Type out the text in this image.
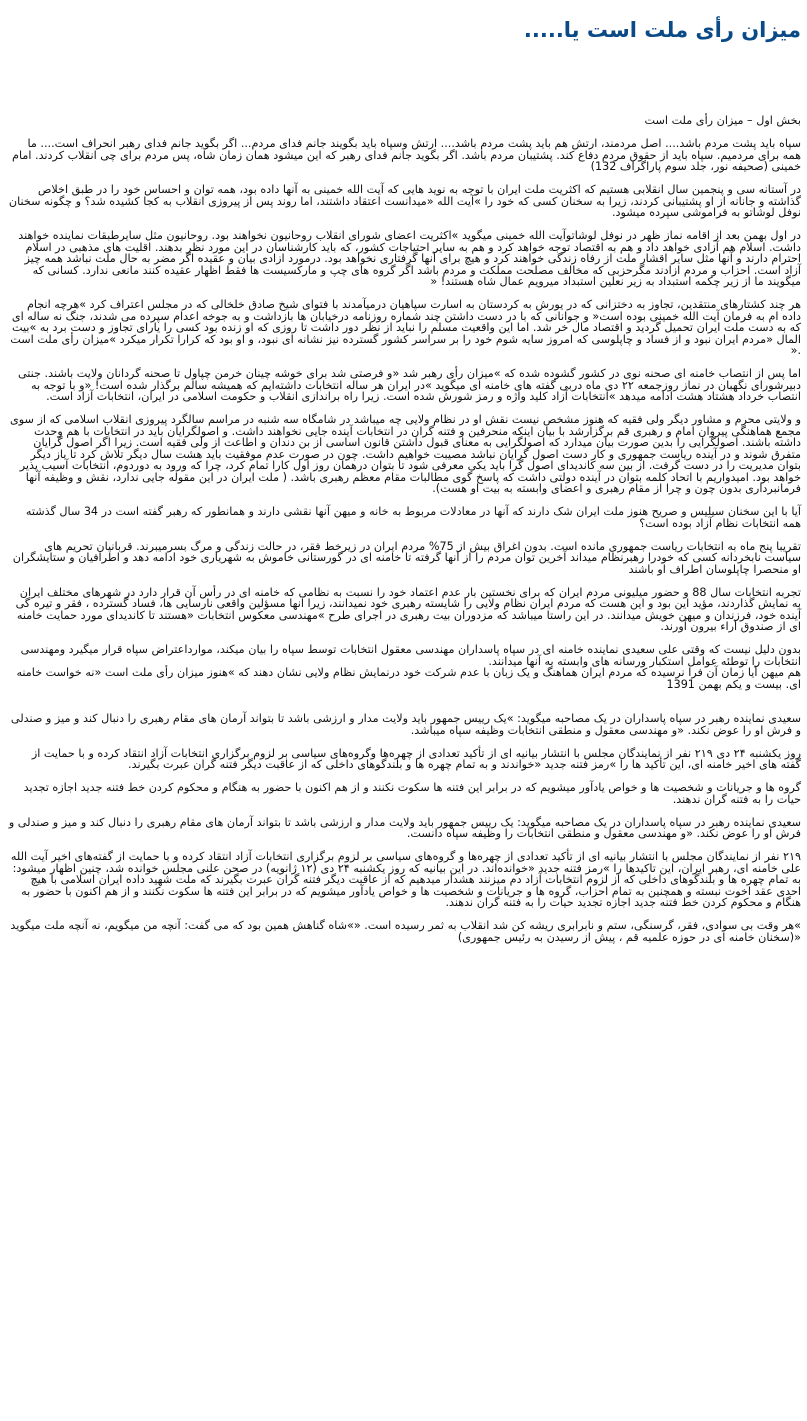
میزان رأی ملت است یا.....

بخش اول – میزان رأی ملت است

سپاه باید پشت مردم باشد.... اصل مردمند، ارتش هم باید پشت مردم باشد.... ارتش وسپاه باید بگویند جانم فدای مردم... اگر بگوید جانم فدای رهبر انحراف است.... ما همه برای مردمیم. سپاه باید از حقوق مردم دفاع کند. پشتیبان مردم باشد. اگر بگوید جانم فدای رهبر که این میشود همان زمان شاه، پس مردم برای چی انقلاب کردند. امام خمینی (صحیفه نور، جلد سوم پاراگراف 132)

در آستانه سی و پنجمین سال انقلابی هستیم که اکثریت ملت ایران با توجه به نوید هایی که آیت الله خمینی به آنها داده بود، همه توان و احساس خود را در طبق اخلاص گذاشته و جانانه از او پشتیبانی کردند، زیرا به سخنان کسی که خود را »آیت الله «میدانست اعتقاد داشتند، اما روند پس از پیروزی انقلاب به کجا کشیده شد؟ و چگونه سخنان نوفل لوشاتو به فراموشی سپرده میشود.

در اول بهمن بعد از اقامه نماز ظهر در نوفل لوشاتوآیت الله خمینی میگوید »اکثریت اعضای شورای انقلاب روحانیون نخواهند بود. روحانیون مثل سایرطبقات نماینده خواهند داشت. اسلام هم آزادی خواهد داد و هم به اقتصاد توجه خواهد کرد و هم به سایر احتیاجات کشور، که باید کارشناسان در این مورد نظر بدهند. اقلیت های مذهبی در اسلام احترام دارند و آنها مثل سایر اقشار ملت از رفاه زندگی خواهند کرد و هیچ برای آنها گرفتاری نخواهد بود. درمورد ازادی بیان و عقیده اگر مضر به حال ملت نباشد همه چیز آزاد است. احزاب و مردم ازادند مگرحزبی که مخالف مصلحت مملکت و مردم باشد اگر گروه های چپ و مارکسیست ها فقط اظهار عقیده کنند مانعی ندارد. کسانی که میگویند ما از زیر چکمه استبداد به زیر نعلین استبداد میرویم عمال شاه هستند! «

هر چند کشتارهای منتقدین، تجاوز به دختزانی که در یورش به کردستان به اسارت سپاهیان درمیآمدند با فتوای شیخ صادق خلخالی که در مجلس اعتراف کرد »هرچه انجام داده ام به فرمان آیت الله خمینی بوده است« و جوانانی که با در دست داشتن چند شماره روزنامه درخیابان ها بازداشت و به جوخه اعدام سپرده می شدند، جنگ نه ساله ای که به دست ملت ایران تحمیل گردید و اقتصاد مال خر شد. اما این واقعیت مسلم را نباید از نظر دور داشت تا روزی که او زنده بود کسی را یارای تجاوز و دست برد به »بیت المال «مردم ایران نبود و از فساد و چاپلوسی که امروز سایه شوم خود را بر سراسر کشور گسترده نیز نشانه ای نبود، و او بود که کرارا تکرار میکرد »میزان رأی ملت است .«

اما پس از انتصاب خامنه ای صحنه نوی در کشور گشوده شده که »میزان رأی رهبر شد «و فرصتی شد برای خوشه چینان خرمن چپاول تا صحنه گردانان ولایت باشند. جنتی دبیرشورای نگهبان در نماز روزجمعه ۲۲ دی ماه دربی گفته های خامنه ای میگوید »در ایران هر ساله انتخابات داشته‌ایم که همیشه سالم برگذار شده است! «و با توجه به انتصاب خرداد هشتاد هشت ادامه میدهد »انتخابات آزاد کلید واژه و رمز شورش شده است. زیرا راه براندازی انقلاب و حکومت اسلامی در ایران، انتخابات آزاد است.

و ولایتی محرم و مشاور دیگر ولی فقیه که هنوز مشخص نیست نقش او در نظام ولایی چه میباشد در شامگاه سه شنبه در مراسم سالگرد پیروزی انقلاب اسلامی که از سوی مجمع هماهنگی پیروان امام و رهبری قم برگزارشد با بیان اینکه منحرفین و فتنه گران در انتخابات آینده جایی نخواهند داشت. و اصولگرایان باید در انتخابات با هم وحدت داشته باشند. اصولگرایی را بدین صورت بیان میدارد که اصولگرایی به معنای قبول داشتن قانون اساسی از بن دندان و اطاعت از ولی فقیه است. زیرا اگر اصول گرایان متفرق شوند و در آینده ریاست جمهوری و کار دست اصول گرایان نباشد مصیبت خواهیم داشت. چون در صورت عدم موفقیت باید هشت سال دیگر تلاش کرد تا باز دیگر بتوان مدیریت را در دست گرفت. از بین سه کاندیدای اصول گرا باید یکی معرفی شود تا بتوان درهمان روز اول کارا تمام کرد، چرا که ورود به دوردوم، انتخابات آسیب پذیر خواهد بود. امیدواریم با اتحاد کلمه بتوان در آینده دولتی داشت که پاسخ گوی مطالبات مقام معظم رهبری باشد. ( ملت ایران در این مقوله جایی ندارد، نقش و وظیفه آنها فرمانبرداری بدون چون و چرا از مقام رهبری و اعضای وابسته به بیت او هست).

آیا با این سخنان سیلیس و صریح هنوز ملت ایران شک دارند که آنها در معادلات مربوط به خانه و میهن آنها نقشی دارند و همانطور که رهبر گفته است در 34 سال گذشته همه انتخابات نظام آزاد بوده است؟

تقریبا پنج ماه به انتخابات ریاست جمهوری مانده است. بدون اغراق بیش از 75% مردم ایران در زیرخط فقر، در حالت زندگی و مرگ بسرمیبرند. قربانیان تحریم های سیاست نابخردانه کسی که خودرا رهبرنظام میداند آخرین توان مردم را از آنها گرفته تا خامنه ای در گورستانی خاموش به شهریاری خود ادامه دهد و اطرافیان و ستایشگران او منحصرا چاپلوسان اطراف او باشند

تجربه انتخابات سال 88 و حضور میلیونی مردم ایران که برای نخستین بار عدم اعتماد خود را نسبت به نظامی که خامنه ای در رأس آن قرار دارد در شهرهای مختلف ایران به نمایش گذاردند، مؤید این بود و این هست که مردم ایران نظام ولایی را شایسته رهبری خود نمیدانند، زیرا آنها مسؤلین واقعی نارسایی ها، فساد گسترده ، فقر و تیره گی آینده خود، فرزندان و میهن خویش میدانند. در این راستا میباشد که مزدوران بیت رهبری در اجرای طرح »مهندسی معکوس انتخابات «هستند تا کاندیدای مورد حمایت خامنه ای از صندوق آراء بیرون آورند.

بدون دلیل نیست که وقتی علی سعیدی نماینده خامنه ای در سپاه پاسداران مهندسی معقول انتخابات توسط سپاه را بیان میکند، موارداعتراض سپاه قرار میگیرد ومهندسی انتخابات را توطئه عوامل استکبار ورسانه های وابسته به آنها میدانند.

هم میهن آیا زمان آن فرا نرسیده که مردم ایران هماهنگ و یک زبان با عدم شرکت خود درنمایش نظام ولایی نشان دهند که »هنوز میزان رأی ملت است «نه خواست خامنه ای. بیست و یکم بهمن 1391

سعیدی نماینده رهبر در سپاه پاسداران در یک مصاحبه میگوید: »یک رییس جمهور باید ولایت مدار و ارزشی باشد تا بتواند آرمان های مقام رهبری را دنبال کند و میز و صندلی و فرش او را عوض نکند. «و مهندسی معقول و منطقی انتخابات وظیفه سپاه میباشد.

روز یکشنبه ۲۴ دی ۲۱۹ نفر از نمایندگان مجلس با انتشار بیانیه ای از تأکید تعدادی از چهره‌ها وگروه‌های سیاسی بر لزوم برگزاری انتخابات آزاد انتقاد کرده و با حمایت از گفته های اخیر خامنه ای، این تأکید ها را »رمز فتنه جدید «خواندند و به تمام چهره ها و بلندگوهای داخلی که از عاقبت دیگر فتنه گران عبرت بگیرند.

گروه ها و جریانات و شخصیت ها و خواص یادآور میشویم که در برابر این فتنه ها سکوت نکنند و از هم اکنون با حضور به هنگام و محکوم کردن خط فتنه جدید اجازه تجدید حیات را به فتنه گران ندهند.

سعیدی نماینده رهبر در سپاه پاسداران در یک مصاحبه میگوید: یک رییس جمهور باید ولایت مدار و ارزشی باشد تا بتواند آرمان های مقام رهبری را دنبال کند و میز و صندلی و فرش او را عوض نکند. «و مهندسی معقول و منطقی انتخابات را وظیفه سپاه دانست.

۲۱۹ نفر از نمایندگان مجلس با انتشار بیانیه ای از تأکید تعدادی از چهره‌ها و گروه‌های سیاسی بر لزوم برگزاری انتخابات آزاد انتقاد کرده و با حمایت از گفته‌های اخیر آیت الله علی خامنه ای، رهبر ایران، این تاکیدها را »رمز فتنه جدید «خوانده‌اند. در این بیانیه که روز یکشنبه ۲۴ دی (۱۲ ژانویه) در صحن علنی مجلس خوانده شد، چنین اظهار میشود: به تمام چهره ها و بلندگوهای داخلی که از لزوم انتخابات آزاد دم میزنند هشدار میدهیم که از عاقبت دیگر فتنه گران عبرت بگیرند که ملت شهید داده ایران اسلامی با هیچ احدی عقد اخوت نبسته و همچنین به تمام احزاب، گروه ها و جریانات و شخصیت ها و خواص یادآور میشویم که در برابر این فتنه ها سکوت نکنند و از هم اکنون با حضور به هنگام و محکوم کردن خط فتنه جدید اجازه تجدید حیات را به فتنه گران ندهند.

»هر وقت بی سوادی، فقر، گرسنگی، ستم و نابرابری ریشه کن شد انقلاب به ثمر رسیده است. «»شاه گناهش همین بود که می گفت: آنچه من میگویم، نه آنچه ملت میگوید «(سخنان خامنه ای در حوزه علمیه قم ، پیش از رسیدن به رئیس جمهوری)
